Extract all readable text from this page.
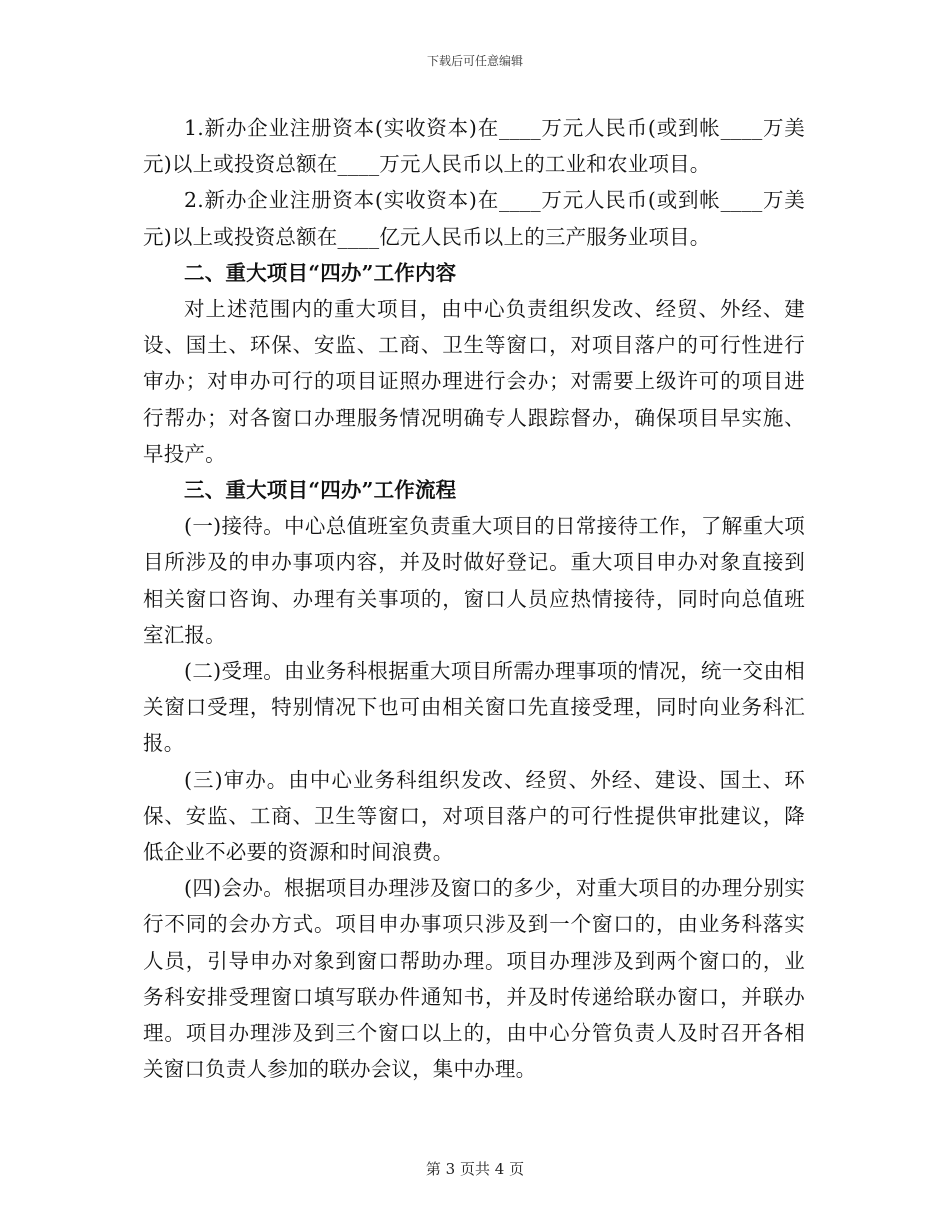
下载后可任意编辑

1.新办企业注册资本(实收资本)在____万元人民币(或到帐____万美元)以上或投资总额在____万元人民币以上的工业和农业项目。

2.新办企业注册资本(实收资本)在____万元人民币(或到帐____万美元)以上或投资总额在____亿元人民币以上的三产服务业项目。

二、重大项目“四办”工作内容

对上述范围内的重大项目，由中心负责组织发改、经贸、外经、建设、国土、环保、安监、工商、卫生等窗口，对项目落户的可行性进行审办；对申办可行的项目证照办理进行会办；对需要上级许可的项目进行帮办；对各窗口办理服务情况明确专人跟踪督办，确保项目早实施、早投产。

三、重大项目“四办”工作流程

(一)接待。中心总值班室负责重大项目的日常接待工作，了解重大项目所涉及的申办事项内容，并及时做好登记。重大项目申办对象直接到相关窗口咨询、办理有关事项的，窗口人员应热情接待，同时向总值班室汇报。

(二)受理。由业务科根据重大项目所需办理事项的情况，统一交由相关窗口受理，特别情况下也可由相关窗口先直接受理，同时向业务科汇报。

(三)审办。由中心业务科组织发改、经贸、外经、建设、国土、环保、安监、工商、卫生等窗口，对项目落户的可行性提供审批建议，降低企业不必要的资源和时间浪费。

(四)会办。根据项目办理涉及窗口的多少，对重大项目的办理分别实行不同的会办方式。项目申办事项只涉及到一个窗口的，由业务科落实人员，引导申办对象到窗口帮助办理。项目办理涉及到两个窗口的，业务科安排受理窗口填写联办件通知书，并及时传递给联办窗口，并联办理。项目办理涉及到三个窗口以上的，由中心分管负责人及时召开各相关窗口负责人参加的联办会议，集中办理。

第 3 页共 4 页
